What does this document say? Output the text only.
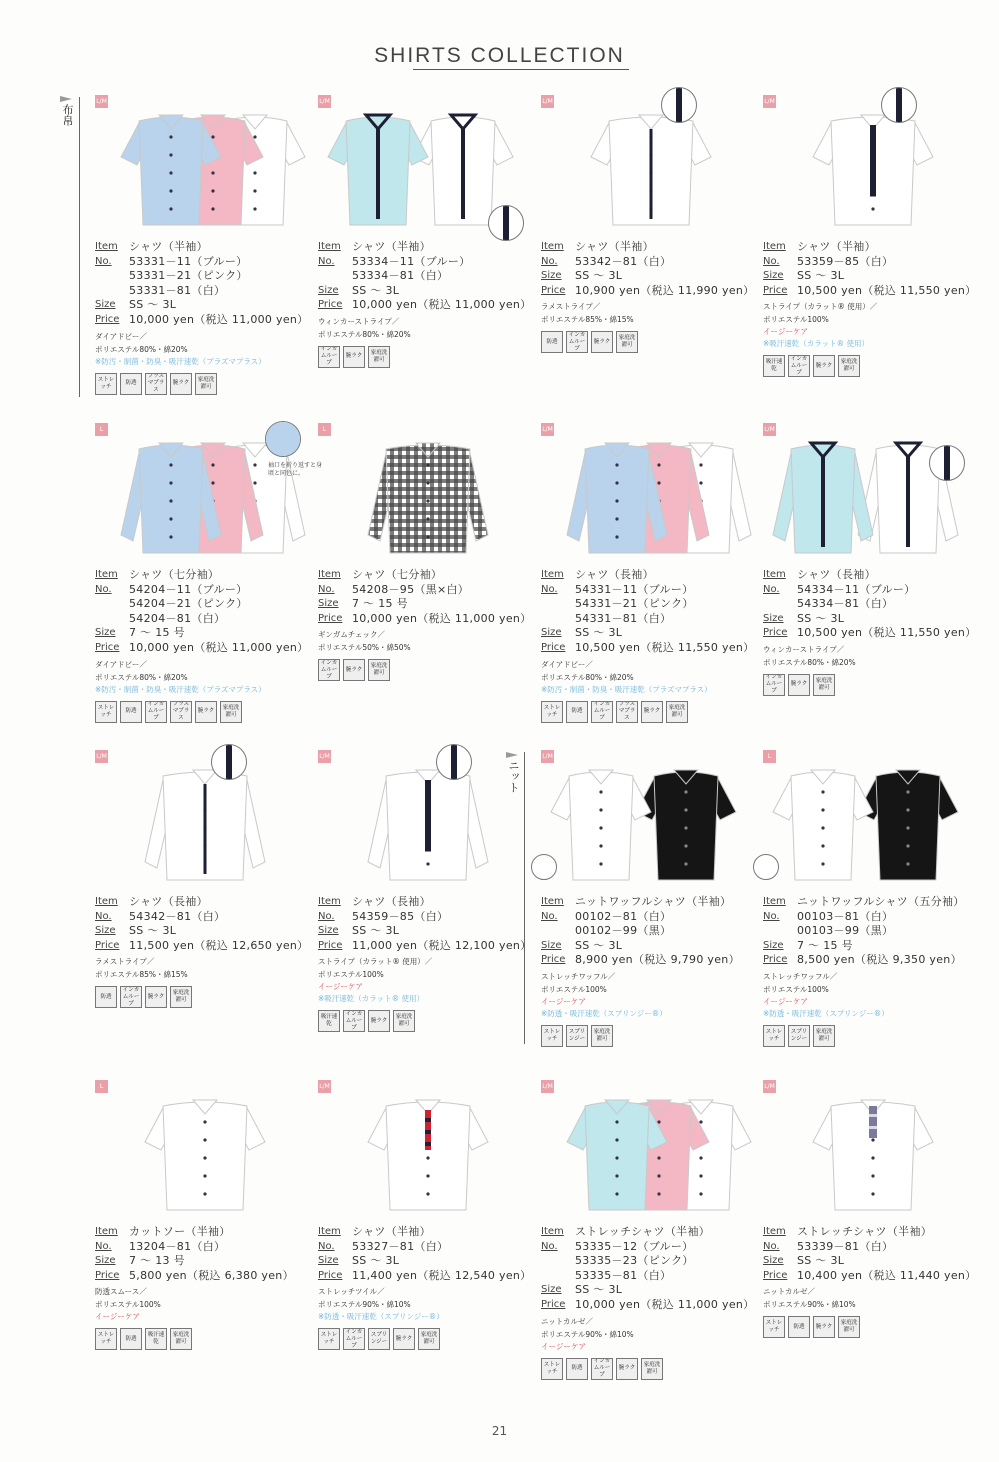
SHIRTS COLLECTION
布帛
ニット
L/M
Item	シャツ（半袖）
No.	53331－11（ブルー）
53331－21（ピンク）
53331－81（白）
Size	SS ～ 3L
Price 10,000 yen（税込 11,000 yen）
ダイアドビー／
ポリエステル80%・綿20%
※防汚・制菌・防臭・吸汗速乾（プラズマプラス）
ストレッチ
防透
プラズマプラス
腕ラク
家庭洗濯可
L/M
Item	シャツ（半袖）
No.	53334－11（ブルー）
53334－81（白）
Size	SS ～ 3L
Price 10,000 yen（税込 11,000 yen）
ウィンカーストライプ／
ポリエステル80%・綿20%
インカムループ
腕ラク
家庭洗濯可
L/M
Item	シャツ（半袖）
No.	53342－81（白）
Size	SS ～ 3L
Price 10,900 yen（税込 11,990 yen）
ラメストライプ／
ポリエステル85%・綿15%
防透
インカムループ
腕ラク
家庭洗濯可
L/M
Item	シャツ（半袖）
No.	53359－85（白）
Size	SS ～ 3L
Price 10,500 yen（税込 11,550 yen）
ストライプ（カラット® 使用）／
ポリエステル100%
イージーケア
※吸汗速乾（カラット® 使用）
吸汗速乾
インカムループ
腕ラク
家庭洗濯可
L
Item	シャツ（七分袖）
No.	54204－11（ブルー）
54204－21（ピンク）
54204－81（白）
Size	7 ～ 15 号
Price 10,000 yen（税込 11,000 yen）
ダイアドビー／
ポリエステル80%・綿20%
※防汚・制菌・防臭・吸汗速乾（プラズマプラス）
ストレッチ
防透
インカムループ
プラズマプラス
腕ラク
家庭洗濯可
L
Item	シャツ（七分袖）
No.	54208－95（黒×白）
Size	7 ～ 15 号
Price 10,000 yen（税込 11,000 yen）
ギンガムチェック／
ポリエステル50%・綿50%
インカムループ
腕ラク
家庭洗濯可
L/M
Item	シャツ（長袖）
No.	54331－11（ブルー）
54331－21（ピンク）
54331－81（白）
Size	SS ～ 3L
Price 10,500 yen（税込 11,550 yen）
ダイアドビー／
ポリエステル80%・綿20%
※防汚・制菌・防臭・吸汗速乾（プラズマプラス）
ストレッチ
防透
インカムループ
プラズマプラス
腕ラク
家庭洗濯可
L/M
Item	シャツ（長袖）
No.	54334－11（ブルー）
54334－81（白）
Size	SS ～ 3L
Price 10,500 yen（税込 11,550 yen）
ウィンカーストライプ／
ポリエステル80%・綿20%
インカムループ
腕ラク
家庭洗濯可
L/M
Item	シャツ（長袖）
No.	54342－81（白）
Size	SS ～ 3L
Price 11,500 yen（税込 12,650 yen）
ラメストライプ／
ポリエステル85%・綿15%
防透
インカムループ
腕ラク
家庭洗濯可
L/M
Item	シャツ（長袖）
No.	54359－85（白）
Size	SS ～ 3L
Price 11,000 yen（税込 12,100 yen）
ストライプ（カラット® 使用）／
ポリエステル100%
イージーケア
※吸汗速乾（カラット® 使用）
吸汗速乾
インカムループ
腕ラク
家庭洗濯可
L/M
Item	ニットワッフルシャツ（半袖）
No.	00102－81（白）
00102－99（黒）
Size	SS ～ 3L
Price 8,900 yen（税込 9,790 yen）
ストレッチワッフル／
ポリエステル100%
イージーケア
※防透・吸汗速乾（スプリンジー®）
ストレッチ
スプリンジー
家庭洗濯可
L
Item	ニットワッフルシャツ（五分袖）
No.	00103－81（白）
00103－99（黒）
Size	7 ～ 15 号
Price 8,500 yen（税込 9,350 yen）
ストレッチワッフル／
ポリエステル100%
イージーケア
※防透・吸汗速乾（スプリンジー®）
ストレッチ
スプリンジー
家庭洗濯可
L
Item	カットソー（半袖）
No.	13204－81（白）
Size	7 ～ 13 号
Price 5,800 yen（税込 6,380 yen）
防透スムース／
ポリエステル100%
イージーケア
ストレッチ
防透
吸汗速乾
家庭洗濯可
L/M
Item	シャツ（半袖）
No.	53327－81（白）
Size	SS ～ 3L
Price 11,400 yen（税込 12,540 yen）
ストレッチツイル／
ポリエステル90%・綿10%
※防透・吸汗速乾（スプリンジー®）
ストレッチ
インカムループ
スプリンジー
腕ラク
家庭洗濯可
L/M
Item	ストレッチシャツ（半袖）
No.	53335－12（ブルー）
53335－23（ピンク）
53335－81（白）
Size	SS ～ 3L
Price 10,000 yen（税込 11,000 yen）
ニットカルゼ／
ポリエステル90%・綿10%
イージーケア
ストレッチ
防透
インカムループ
腕ラク
家庭洗濯可
L/M
Item	ストレッチシャツ（半袖）
No.	53339－81（白）
Size	SS ～ 3L
Price 10,400 yen（税込 11,440 yen）
ニットカルゼ／
ポリエステル90%・綿10%
ストレッチ
防透	腕ラク
家庭洗濯可
袖口を折り返すと身頃と同色に。
21
